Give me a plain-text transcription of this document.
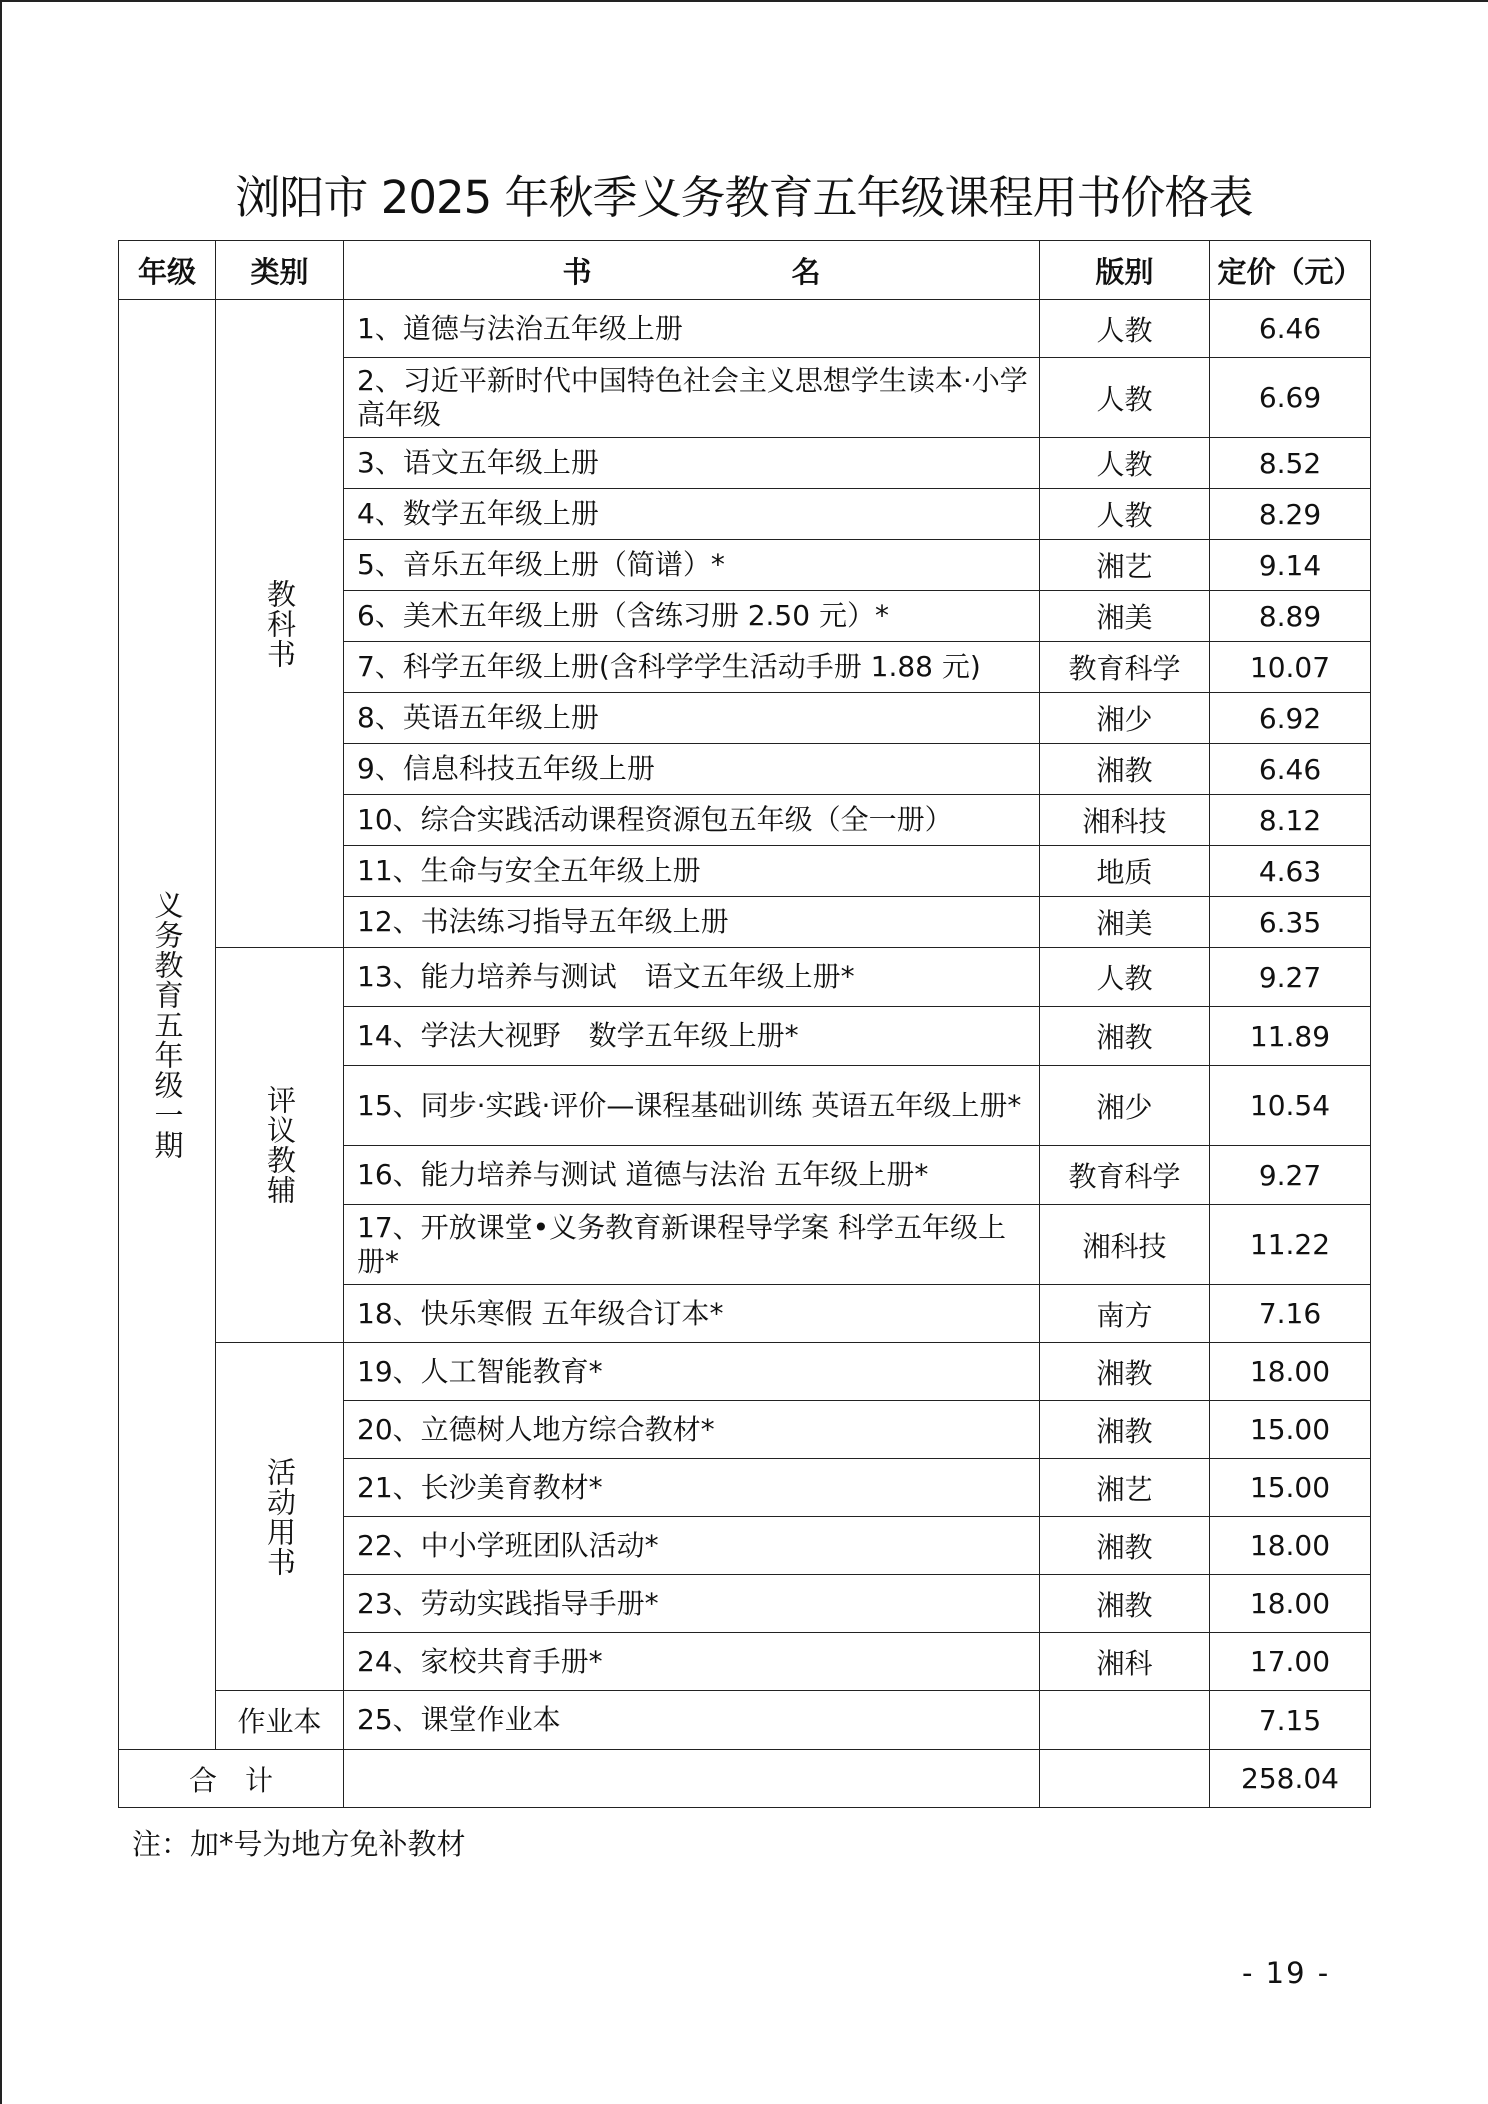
浏阳市 2025 年秋季义务教育五年级课程用书价格表
年级	类别	书 名	版别	定价（元）

义务教育五年级一期	教科书	1、道德与法治五年级上册	人教	6.46
		2、习近平新时代中国特色社会主义思想学生读本·小学高年级	人教	6.69
		3、语文五年级上册	人教	8.52
		4、数学五年级上册	人教	8.29
		5、音乐五年级上册（简谱）*	湘艺	9.14
		6、美术五年级上册（含练习册 2.50 元）*	湘美	8.89
		7、科学五年级上册(含科学学生活动手册 1.88 元)	教育科学	10.07
		8、英语五年级上册	湘少	6.92
		9、信息科技五年级上册	湘教	6.46
		10、综合实践活动课程资源包五年级（全一册）	湘科技	8.12
		11、生命与安全五年级上册	地质	4.63
		12、书法练习指导五年级上册	湘美	6.35

	评议教辅	13、能力培养与测试　语文五年级上册*	人教	9.27
		14、学法大视野　数学五年级上册*	湘教	11.89
		15、同步·实践·评价—课程基础训练 英语五年级上册*	湘少	10.54
		16、能力培养与测试 道德与法治 五年级上册*	教育科学	9.27
		17、开放课堂•义务教育新课程导学案 科学五年级上册*	湘科技	11.22
		18、快乐寒假 五年级合订本*	南方	7.16

	活动用书	19、人工智能教育*	湘教	18.00
		20、立德树人地方综合教材*	湘教	15.00
		21、长沙美育教材*	湘艺	15.00
		22、中小学班团队活动*	湘教	18.00
		23、劳动实践指导手册*	湘教	18.00
		24、家校共育手册*	湘科	17.00
	作业本	25、课堂作业本		7.15
合　计				258.04
注：加*号为地方免补教材
- 19 -
